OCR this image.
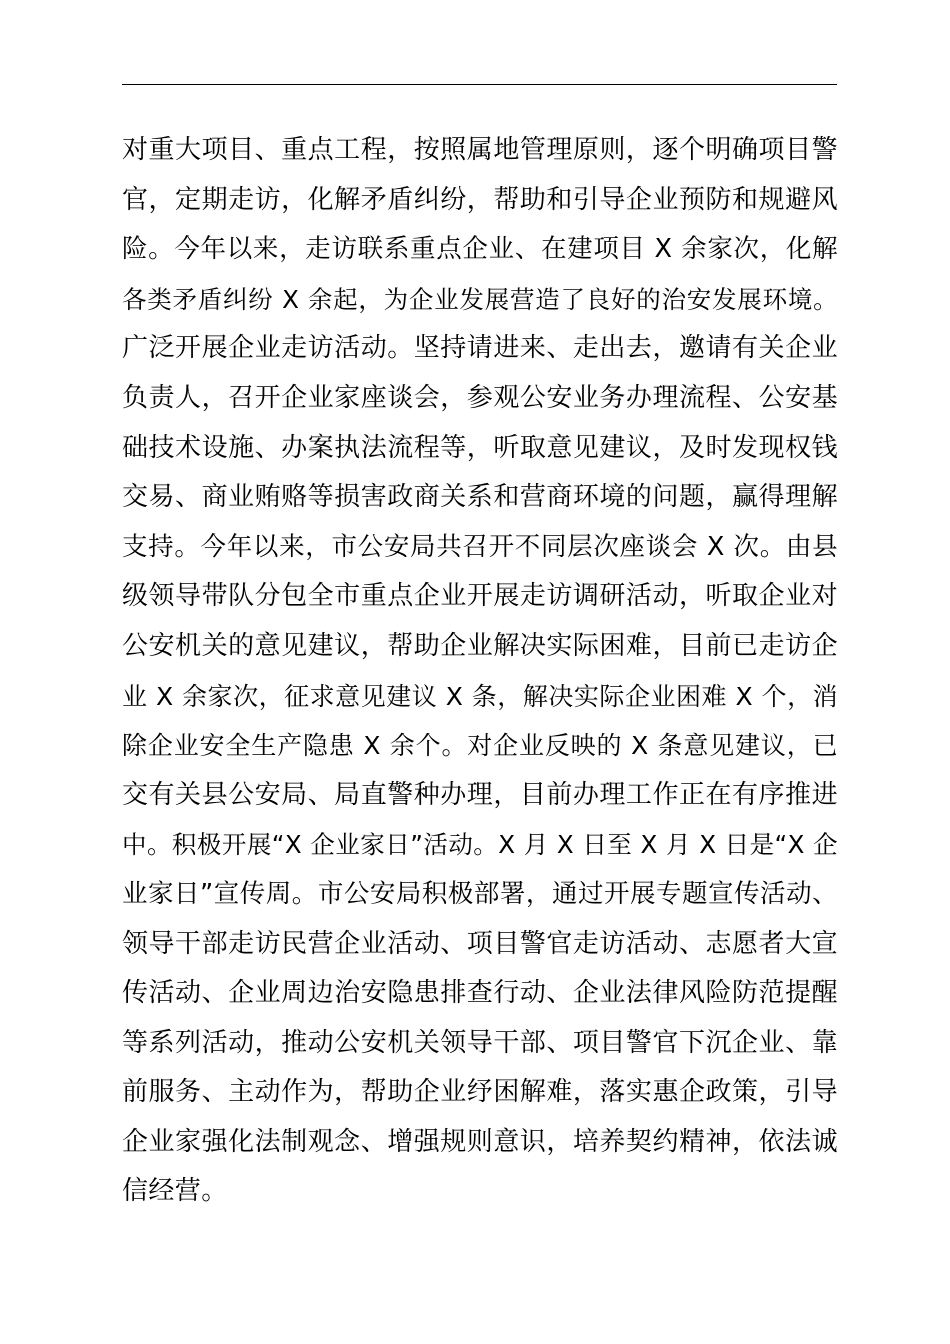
对重大项目、重点工程，按照属地管理原则，逐个明确项目警
官，定期走访，化解矛盾纠纷，帮助和引导企业预防和规避风
险。今年以来，走访联系重点企业、在建项目 X 余家次，化解
各类矛盾纠纷 X 余起，为企业发展营造了良好的治安发展环境。
广泛开展企业走访活动。坚持请进来、走出去，邀请有关企业
负责人，召开企业家座谈会，参观公安业务办理流程、公安基
础技术设施、办案执法流程等，听取意见建议，及时发现权钱
交易、商业贿赂等损害政商关系和营商环境的问题，赢得理解
支持。今年以来，市公安局共召开不同层次座谈会 X 次。由县
级领导带队分包全市重点企业开展走访调研活动，听取企业对
公安机关的意见建议，帮助企业解决实际困难，目前已走访企
业 X 余家次，征求意见建议 X 条，解决实际企业困难 X 个，消
除企业安全生产隐患 X 余个。对企业反映的 X 条意见建议，已
交有关县公安局、局直警种办理，目前办理工作正在有序推进
中。积极开展“X 企业家日”活动。X 月 X 日至 X 月 X 日是“X 企
业家日”宣传周。市公安局积极部署，通过开展专题宣传活动、
领导干部走访民营企业活动、项目警官走访活动、志愿者大宣
传活动、企业周边治安隐患排查行动、企业法律风险防范提醒
等系列活动，推动公安机关领导干部、项目警官下沉企业、靠
前服务、主动作为，帮助企业纾困解难，落实惠企政策，引导
企业家强化法制观念、增强规则意识，培养契约精神，依法诚
信经营。
